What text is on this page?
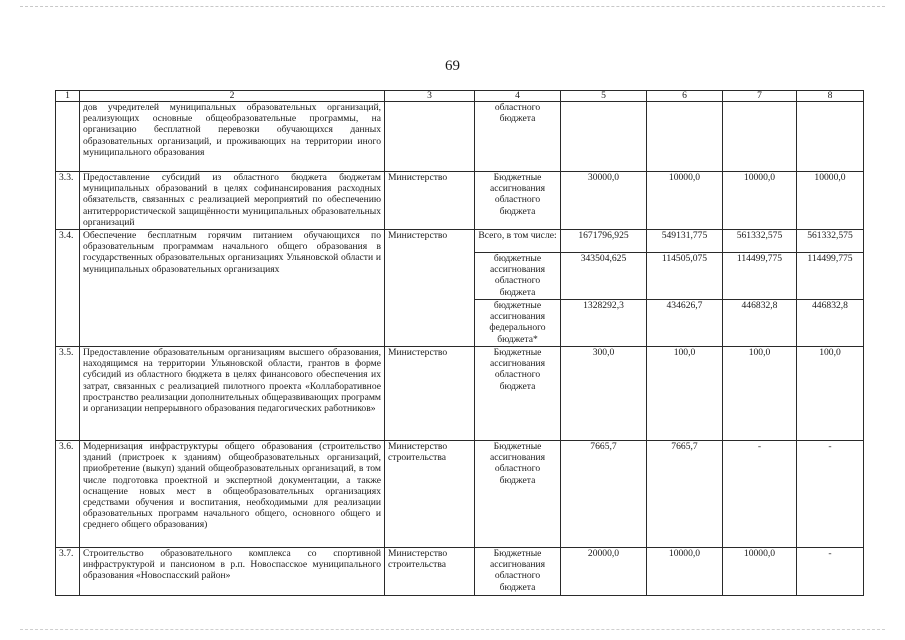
69
1	2	3	4	5	6	7	8
	дов учредителей муниципальных образовательных организаций, реализующих основные общеобразовательные программы, на организацию бесплатной перевозки обучающихся данных образовательных организаций, и проживающих на территории иного муниципального образования		областного бюджета				
3.3.	Предоставление субсидий из областного бюджета бюджетам муниципальных образований в целях софинансирования расходных обязательств, связанных с реализацией мероприятий по обеспечению антитеррористической защищённости муниципальных образовательных организаций	Министерство	Бюджетные ассигнования областного бюджета	30000,0	10000,0	10000,0	10000,0
3.4.	Обеспечение бесплатным горячим питанием обучающихся по образовательным программам начального общего образования в государственных образовательных организациях Ульяновской области и муниципальных образовательных организациях	Министерство	Всего, в том числе:	1671796,925	549131,775	561332,575	561332,575
			бюджетные ассигнования областного бюджета	343504,625	114505,075	114499,775	114499,775
			бюджетные ассигнования федерального бюджета*	1328292,3	434626,7	446832,8	446832,8
3.5.	Предоставление образовательным организациям высшего образования, находящимся на территории Ульяновской области, грантов в форме субсидий из областного бюджета в целях финансового обеспечения их затрат, связанных с реализацией пилотного проекта «Коллаборативное пространство реализации дополнительных общеразвивающих программ и организации непрерывного образования педагогических работников»	Министерство	Бюджетные ассигнования областного бюджета	300,0	100,0	100,0	100,0
3.6.	Модернизация инфраструктуры общего образования (строительство зданий (пристроек к зданиям) общеобразовательных организаций, приобретение (выкуп) зданий общеобразовательных организаций, в том числе подготовка проектной и экспертной документации, а также оснащение новых мест в общеобразовательных организациях средствами обучения и воспитания, необходимыми для реализации образовательных программ начального общего, основного общего и среднего общего образования)	Министерство строительства	Бюджетные ассигнования областного бюджета	7665,7	7665,7	-	-
3.7.	Строительство образовательного комплекса со спортивной инфраструктурой и пансионом в р.п. Новоспасское муниципального образования «Новоспасский район»	Министерство строительства	Бюджетные ассигнования областного бюджета	20000,0	10000,0	10000,0	-
